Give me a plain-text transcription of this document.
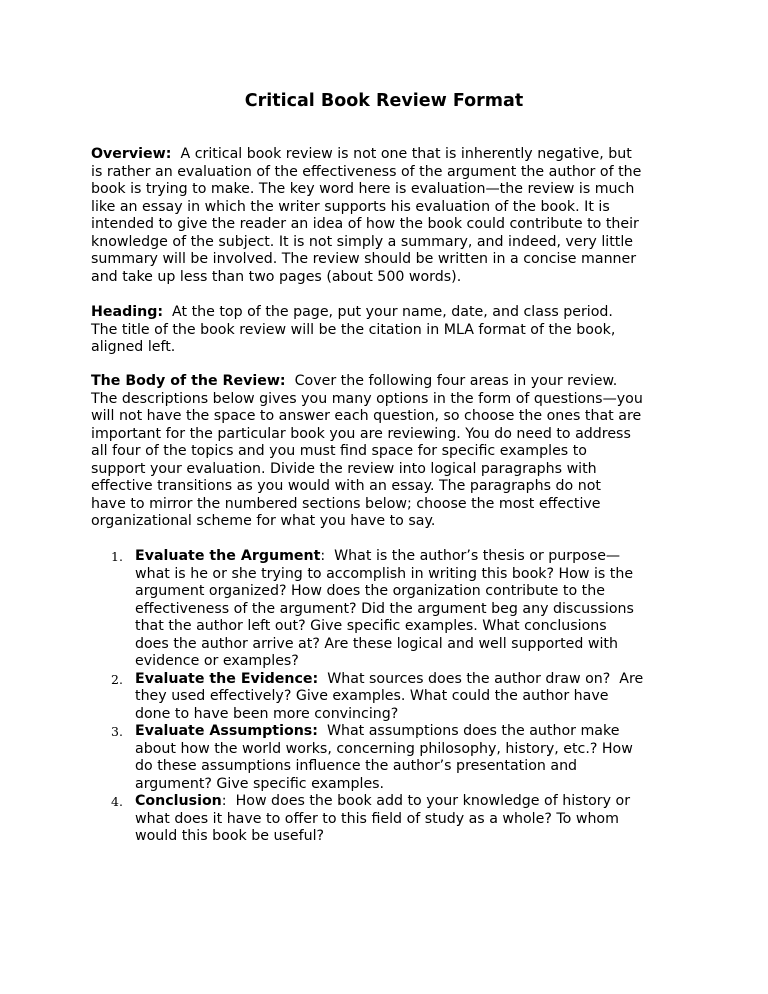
Critical Book Review Format

Overview:  A critical book review is not one that is inherently negative, but
is rather an evaluation of the effectiveness of the argument the author of the
book is trying to make. The key word here is evaluation—the review is much
like an essay in which the writer supports his evaluation of the book. It is
intended to give the reader an idea of how the book could contribute to their
knowledge of the subject. It is not simply a summary, and indeed, very little
summary will be involved. The review should be written in a concise manner
and take up less than two pages (about 500 words).

Heading:  At the top of the page, put your name, date, and class period.
The title of the book review will be the citation in MLA format of the book,
aligned left.

The Body of the Review:  Cover the following four areas in your review.
The descriptions below gives you many options in the form of questions—you
will not have the space to answer each question, so choose the ones that are
important for the particular book you are reviewing. You do need to address
all four of the topics and you must find space for specific examples to
support your evaluation. Divide the review into logical paragraphs with
effective transitions as you would with an essay. The paragraphs do not
have to mirror the numbered sections below; choose the most effective
organizational scheme for what you have to say.

1. Evaluate the Argument:  What is the author’s thesis or purpose—
what is he or she trying to accomplish in writing this book? How is the
argument organized? How does the organization contribute to the
effectiveness of the argument? Did the argument beg any discussions
that the author left out? Give specific examples. What conclusions
does the author arrive at? Are these logical and well supported with
evidence or examples?
2. Evaluate the Evidence:  What sources does the author draw on?  Are
they used effectively? Give examples. What could the author have
done to have been more convincing?
3. Evaluate Assumptions:  What assumptions does the author make
about how the world works, concerning philosophy, history, etc.? How
do these assumptions influence the author’s presentation and
argument? Give specific examples.
4. Conclusion:  How does the book add to your knowledge of history or
what does it have to offer to this field of study as a whole? To whom
would this book be useful?
